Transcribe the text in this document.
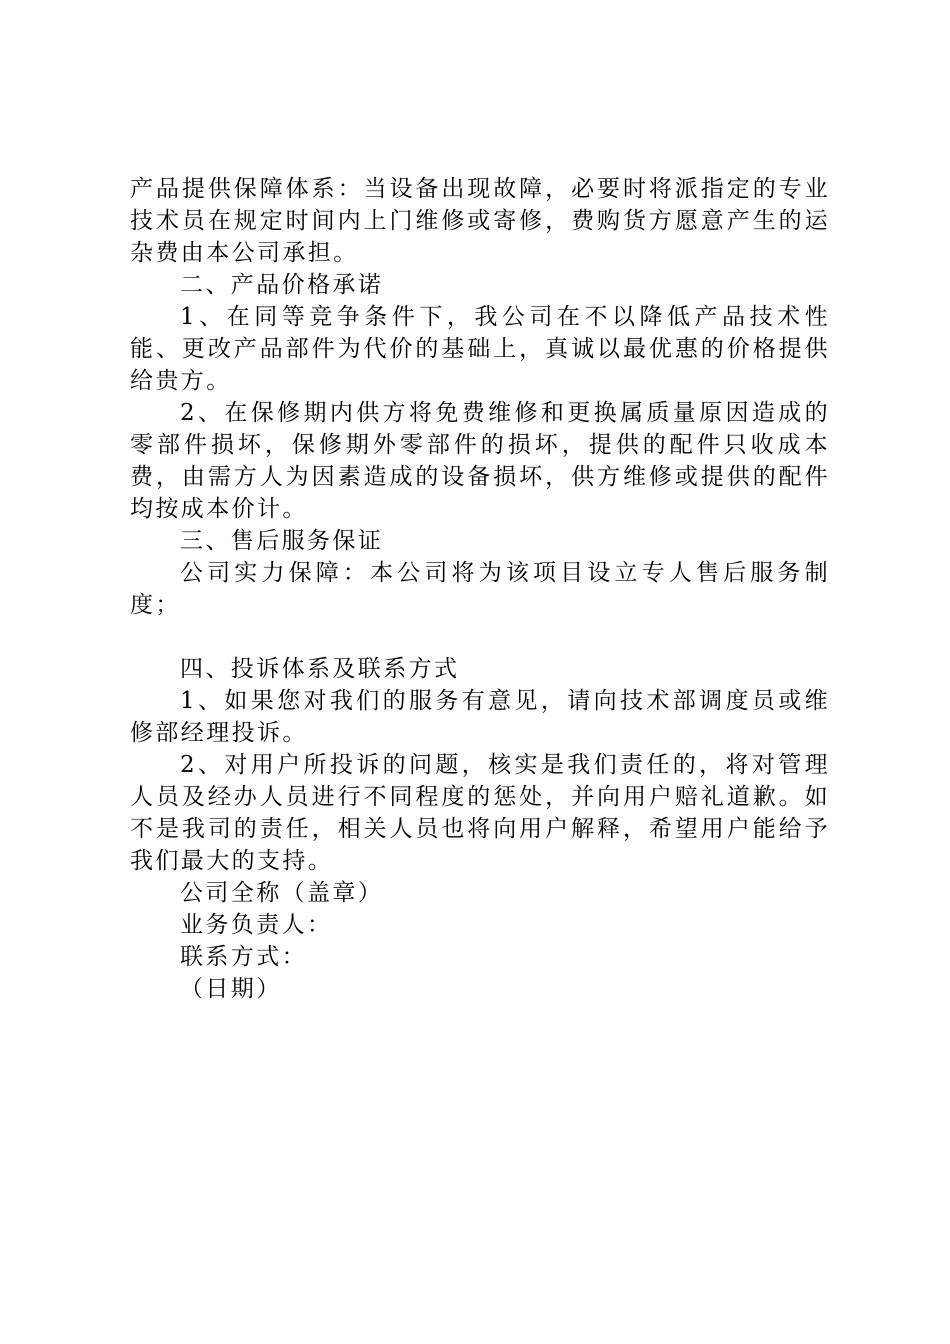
产品提供保障体系：当设备出现故障，必要时将派指定的专业技术员在规定时间内上门维修或寄修，费购货方愿意产生的运杂费由本公司承担。

二、产品价格承诺

1、在同等竞争条件下，我公司在不以降低产品技术性能、更改产品部件为代价的基础上，真诚以最优惠的价格提供给贵方。

2、在保修期内供方将免费维修和更换属质量原因造成的零部件损坏，保修期外零部件的损坏，提供的配件只收成本费，由需方人为因素造成的设备损坏，供方维修或提供的配件均按成本价计。

三、售后服务保证

公司实力保障：本公司将为该项目设立专人售后服务制度；

四、投诉体系及联系方式

1、如果您对我们的服务有意见，请向技术部调度员或维修部经理投诉。

2、对用户所投诉的问题，核实是我们责任的，将对管理人员及经办人员进行不同程度的惩处，并向用户赔礼道歉。如不是我司的责任，相关人员也将向用户解释，希望用户能给予我们最大的支持。

公司全称（盖章）

业务负责人：

联系方式：

（日期）
